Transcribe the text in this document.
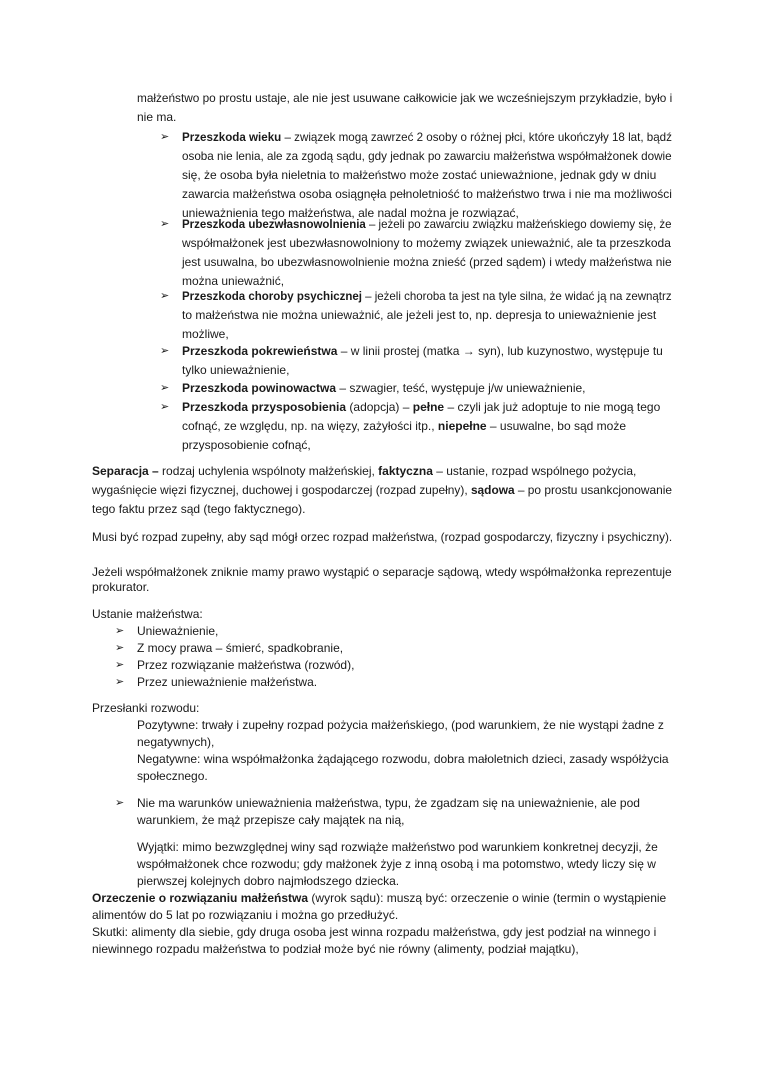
małżeństwo po prostu ustaje, ale nie jest usuwane całkowicie jak we wcześniejszym przykładzie, było i
nie ma.
➢ Przeszkoda wieku – związek mogą zawrzeć 2 osoby o różnej płci, które ukończyły 18 lat, bądź
osoba nie lenia, ale za zgodą sądu, gdy jednak po zawarciu małżeństwa współmałżonek dowie
się, że osoba była nieletnia to małżeństwo może zostać unieważnione, jednak gdy w dniu
zawarcia małżeństwa osoba osiągnęła pełnoletniość to małżeństwo trwa i nie ma możliwości
unieważnienia tego małżeństwa, ale nadal można je rozwiązać,
➢ Przeszkoda ubezwłasnowolnienia – jeżeli po zawarciu związku małżeńskiego dowiemy się, że
współmałżonek jest ubezwłasnowolniony to możemy związek unieważnić, ale ta przeszkoda
jest usuwalna, bo ubezwłasnowolnienie można znieść (przed sądem) i wtedy małżeństwa nie
można unieważnić,
➢ Przeszkoda choroby psychicznej – jeżeli choroba ta jest na tyle silna, że widać ją na zewnątrz
to małżeństwa nie można unieważnić, ale jeżeli jest to, np. depresja to unieważnienie jest
możliwe,
➢ Przeszkoda pokrewieństwa – w linii prostej (matka → syn), lub kuzynostwo, występuje tu
tylko unieważnienie,
➢ Przeszkoda powinowactwa – szwagier, teść, występuje j/w unieważnienie,
➢ Przeszkoda przysposobienia (adopcja) – pełne – czyli jak już adoptuje to nie mogą tego
cofnąć, ze względu, np. na więzy, zażyłości itp., niepełne – usuwalne, bo sąd może
przysposobienie cofnąć,
Separacja – rodzaj uchylenia wspólnoty małżeńskiej, faktyczna – ustanie, rozpad wspólnego pożycia,
wygaśnięcie więzi fizycznej, duchowej i gospodarczej (rozpad zupełny), sądowa – po prostu usankcjonowanie
tego faktu przez sąd (tego faktycznego).
Musi być rozpad zupełny, aby sąd mógł orzec rozpad małżeństwa, (rozpad gospodarczy, fizyczny i psychiczny).
Jeżeli współmałżonek zniknie mamy prawo wystąpić o separacje sądową, wtedy współmałżonka reprezentuje
prokurator.
Ustanie małżeństwa:
➢ Unieważnienie,
➢ Z mocy prawa – śmierć, spadkobranie,
➢ Przez rozwiązanie małżeństwa (rozwód),
➢ Przez unieważnienie małżeństwa.
Przesłanki rozwodu:
Pozytywne: trwały i zupełny rozpad pożycia małżeńskiego, (pod warunkiem, że nie wystąpi żadne z
negatywnych),
Negatywne: wina współmałżonka żądającego rozwodu, dobra małoletnich dzieci, zasady współżycia
społecznego.
➢ Nie ma warunków unieważnienia małżeństwa, typu, że zgadzam się na unieważnienie, ale pod
warunkiem, że mąż przepisze cały majątek na nią,
Wyjątki: mimo bezwzględnej winy sąd rozwiąże małżeństwo pod warunkiem konkretnej decyzji, że
współmałżonek chce rozwodu; gdy małżonek żyje z inną osobą i ma potomstwo, wtedy liczy się w
pierwszej kolejnych dobro najmłodszego dziecka.
Orzeczenie o rozwiązaniu małżeństwa (wyrok sądu): muszą być: orzeczenie o winie (termin o wystąpienie
alimentów do 5 lat po rozwiązaniu i można go przedłużyć.
Skutki: alimenty dla siebie, gdy druga osoba jest winna rozpadu małżeństwa, gdy jest podział na winnego i
niewinnego rozpadu małżeństwa to podział może być nie równy (alimenty, podział majątku),
